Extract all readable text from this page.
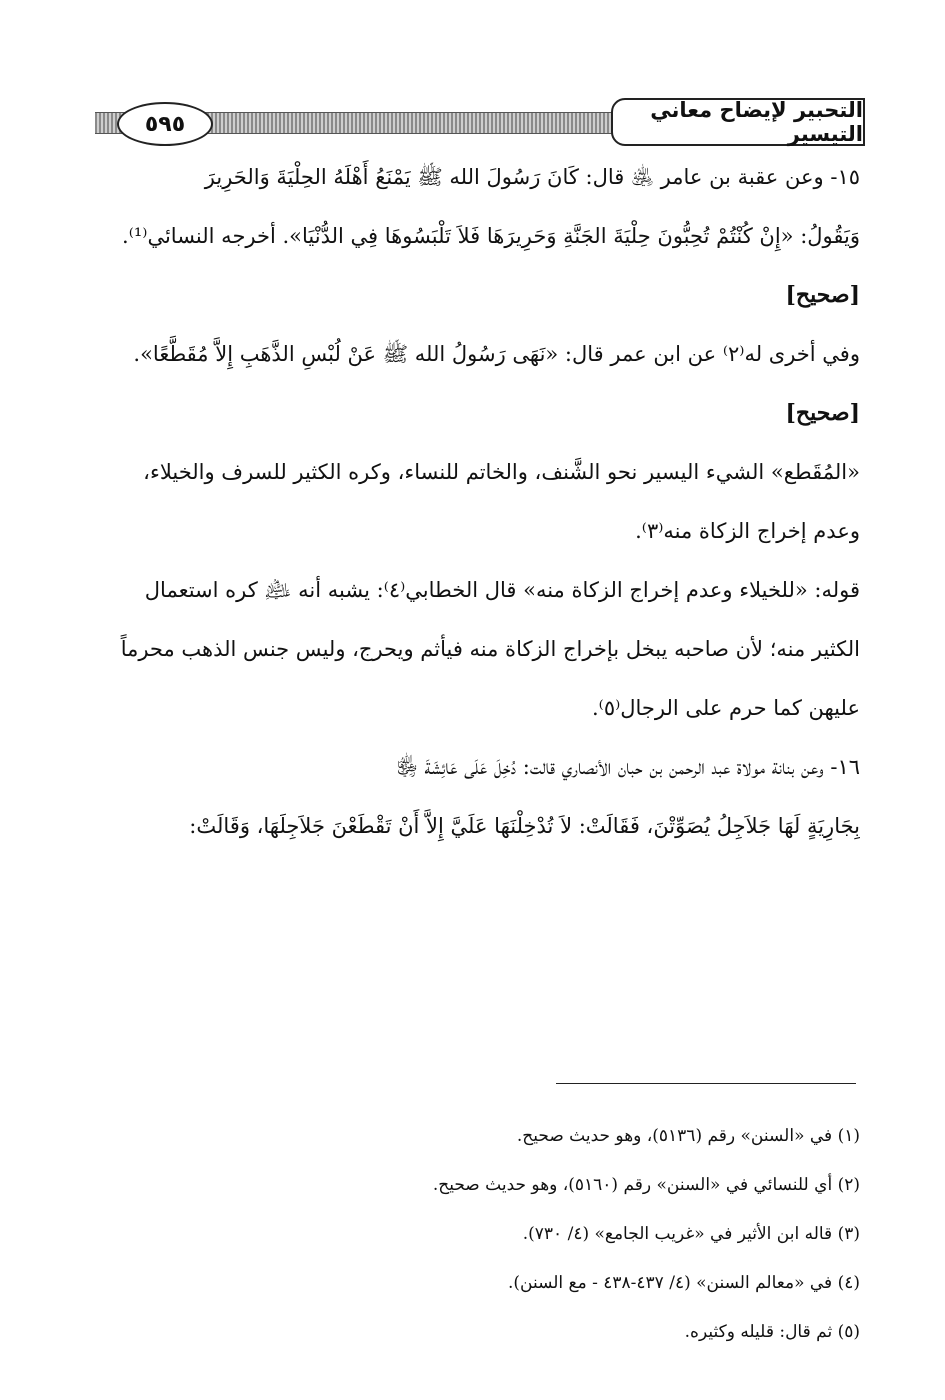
٥٩٥
التحبير لإيضاح معاني التيسير
١٥- وعن عقبة بن عامر ﵁ قال: كَانَ رَسُولَ الله ﷺ يَمْنَعُ أَهْلَهُ الحِلْيَةَ وَالحَرِيرَ
وَيَقُولُ: «إِنْ كُنْتُمْ تُحِبُّونَ حِلْيَةَ الجَنَّةِ وَحَرِيرَهَا فَلاَ تَلْبَسُوهَا فِي الدُّنْيَا». أخرجه النسائي⁽¹⁾.
[صحيح]
وفي أخرى له⁽٢⁾ عن ابن عمر قال: «نَهَى رَسُولُ الله ﷺ عَنْ لُبْسِ الذَّهَبِ إِلاَّ مُقَطَّعًا».
[صحيح]
«المُقَطع» الشيء اليسير نحو الشَّنف، والخاتم للنساء، وكره الكثير للسرف والخيلاء،
وعدم إخراج الزكاة منه⁽٣⁾.
قوله: «للخيلاء وعدم إخراج الزكاة منه» قال الخطابي⁽٤⁾: يشبه أنه ﵇ كره استعمال
الكثير منه؛ لأن صاحبه يبخل بإخراج الزكاة منه فيأثم ويحرج، وليس جنس الذهب محرماً
عليهن كما حرم على الرجال⁽٥⁾.
١٦- وعن بنانة مولاة عبد الرحمن بن حبان الأنصاري قالت: دُخِلَ عَلَى عَائِشَةَ ﵂
بِجَارِيَةٍ لَهَا جَلاَجِلُ يُصَوِّتْنَ، فَقَالَتْ: لاَ تُدْخِلْنَهَا عَلَيَّ إِلاَّ أَنْ تَقْطَعْنَ جَلاَجِلَهَا، وَقَالَتْ:
(١) في «السنن» رقم (٥١٣٦)، وهو حديث صحيح.
(٢) أي للنسائي في «السنن» رقم (٥١٦٠)، وهو حديث صحيح.
(٣) قاله ابن الأثير في «غريب الجامع» (٤/ ٧٣٠).
(٤) في «معالم السنن» (٤/ ٤٣٧-٤٣٨ - مع السنن).
(٥) ثم قال: قليله وكثيره.
